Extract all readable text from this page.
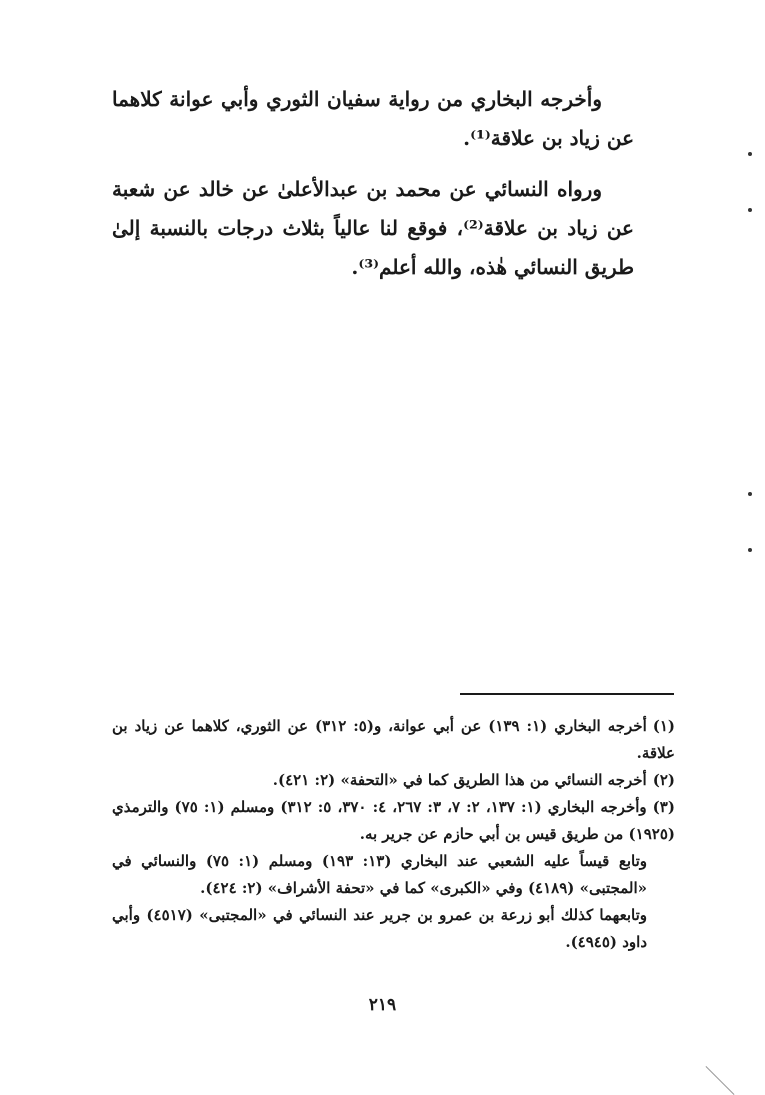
وأخرجه البخاري من رواية سفيان الثوري وأبي عوانة كلاهما عن زياد بن علاقة⁽¹⁾.

ورواه النسائي عن محمد بن عبدالأعلىٰ عن خالد عن شعبة عن زياد بن علاقة⁽²⁾، فوقع لنا عالياً بثلاث درجات بالنسبة إلىٰ طريق النسائي هٰذه، والله أعلم⁽³⁾.

(١)أخرجه البخاري (١: ١٣٩) عن أبي عوانة، و(٥: ٣١٢) عن الثوري، كلاهما عن زياد بن علاقة.

(٢)أخرجه النسائي من هذا الطريق كما في «التحفة» (٢: ٤٢١).

(٣)وأخرجه البخاري (١: ١٣٧، ٢: ٧، ٣: ٢٦٧، ٤: ٣٧٠، ٥: ٣١٢) ومسلم (١: ٧٥) والترمذي (١٩٢٥) من طريق قيس بن أبي حازم عن جرير به.

وتابع قيساً عليه الشعبي عند البخاري (١٣: ١٩٣) ومسلم (١: ٧٥) والنسائي في «المجتبى» (٤١٨٩) وفي «الكبرى» كما في «تحفة الأشراف» (٢: ٤٢٤).

وتابعهما كذلك أبو زرعة بن عمرو بن جرير عند النسائي في «المجتبى» (٤٥١٧) وأبي داود (٤٩٤٥).

٢١٩
